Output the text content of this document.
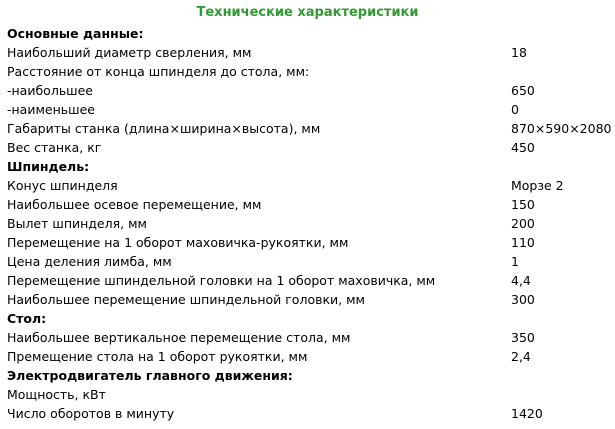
Технические характеристики
Основные данные:	
Наибольший диаметр сверления, мм	18
Расстояние от конца шпинделя до стола, мм:	
-наибольшее	650
-наименьшее	0
Габариты станка (длина×ширина×высота), мм	870×590×2080
Вес станка, кг	450
Шпиндель:	
Конус шпинделя	Морзе 2
Наибольшее осевое перемещение, мм	150
Вылет шпинделя, мм	200
Перемещение на 1 оборот маховичка-рукоятки, мм	110
Цена деления лимба, мм	1
Перемещение шпиндельной головки на 1 оборот маховичка, мм	4,4
Наибольшее перемещение шпиндельной головки, мм	300
Стол:	
Наибольшее вертикальное перемещение стола, мм	350
Премещение стола на 1 оборот рукоятки, мм	2,4
Электродвигатель главного движения:	
Мощность, кВт	
Число оборотов в минуту	1420
